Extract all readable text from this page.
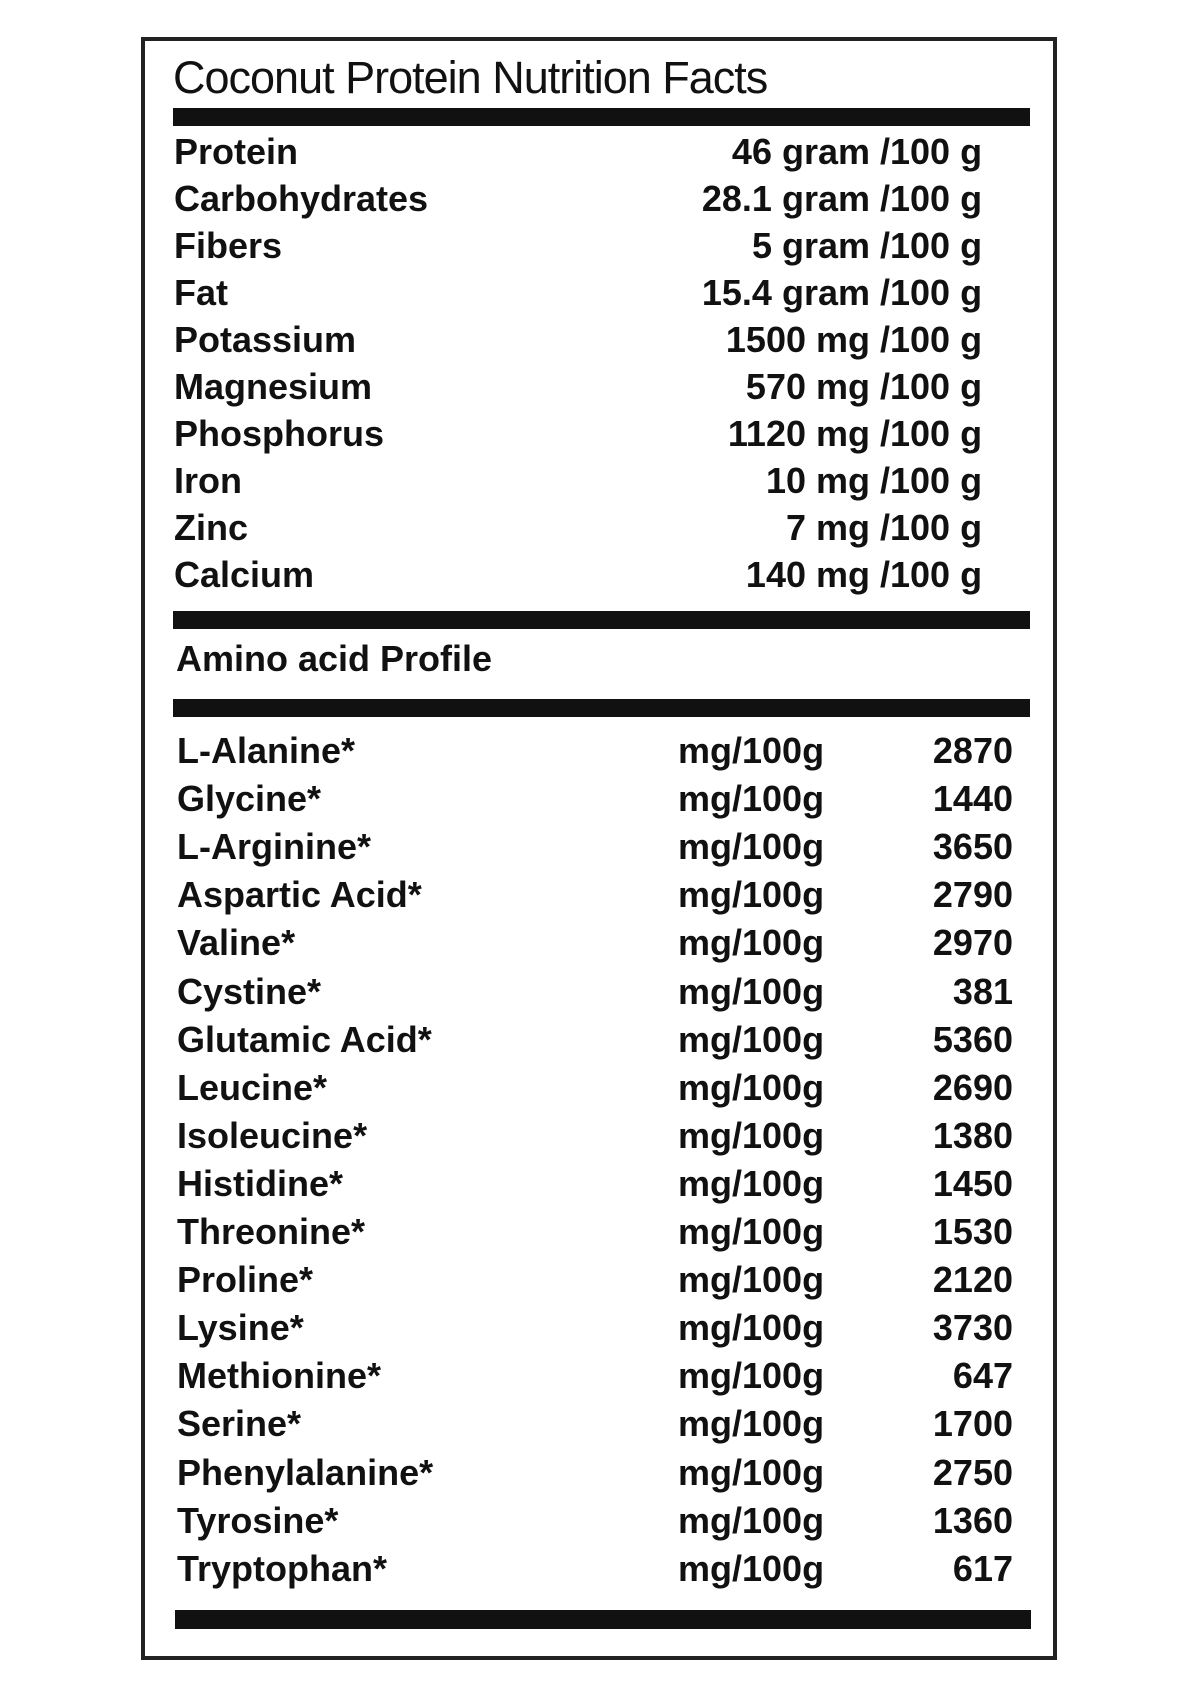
Coconut Protein Nutrition Facts
Protein	46 gram /100 g
Carbohydrates	28.1 gram /100 g
Fibers	5 gram /100 g
Fat	15.4 gram /100 g
Potassium	1500 mg /100 g
Magnesium	570 mg /100 g
Phosphorus	1120 mg /100 g
Iron	10 mg /100 g
Zinc	7 mg /100 g
Calcium	140 mg /100 g
Amino acid Profile
L-Alanine*	mg/100g	2870
Glycine*	mg/100g	1440
L-Arginine*	mg/100g	3650
Aspartic Acid*	mg/100g	2790
Valine*	mg/100g	2970
Cystine*	mg/100g	381
Glutamic Acid*	mg/100g	5360
Leucine*	mg/100g	2690
Isoleucine*	mg/100g	1380
Histidine*	mg/100g	1450
Threonine*	mg/100g	1530
Proline*	mg/100g	2120
Lysine*	mg/100g	3730
Methionine*	mg/100g	647
Serine*	mg/100g	1700
Phenylalanine*	mg/100g	2750
Tyrosine*	mg/100g	1360
Tryptophan*	mg/100g	617
